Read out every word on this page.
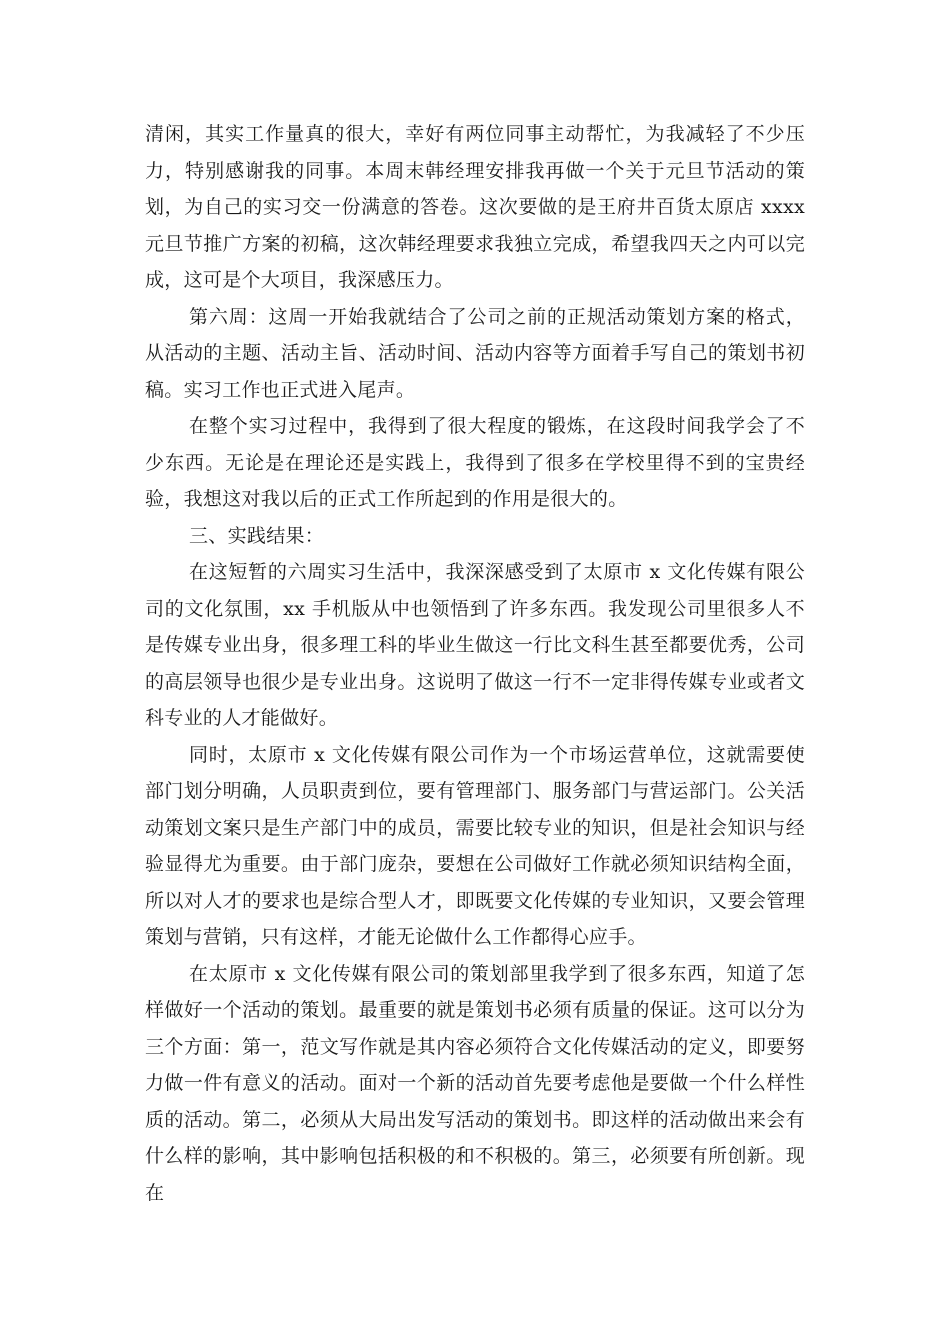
清闲，其实工作量真的很大，幸好有两位同事主动帮忙，为我减轻了不少压力，特别感谢我的同事。本周末韩经理安排我再做一个关于元旦节活动的策划，为自己的实习交一份满意的答卷。这次要做的是王府井百货太原店 xxxx 元旦节推广方案的初稿，这次韩经理要求我独立完成，希望我四天之内可以完成，这可是个大项目，我深感压力。

第六周：这周一开始我就结合了公司之前的正规活动策划方案的格式，从活动的主题、活动主旨、活动时间、活动内容等方面着手写自己的策划书初稿。实习工作也正式进入尾声。

在整个实习过程中，我得到了很大程度的锻炼，在这段时间我学会了不少东西。无论是在理论还是实践上，我得到了很多在学校里得不到的宝贵经验，我想这对我以后的正式工作所起到的作用是很大的。

三、实践结果：

在这短暂的六周实习生活中，我深深感受到了太原市 x 文化传媒有限公司的文化氛围，xx 手机版从中也领悟到了许多东西。我发现公司里很多人不是传媒专业出身，很多理工科的毕业生做这一行比文科生甚至都要优秀，公司的高层领导也很少是专业出身。这说明了做这一行不一定非得传媒专业或者文科专业的人才能做好。

同时，太原市 x 文化传媒有限公司作为一个市场运营单位，这就需要使部门划分明确，人员职责到位，要有管理部门、服务部门与营运部门。公关活动策划文案只是生产部门中的成员，需要比较专业的知识，但是社会知识与经验显得尤为重要。由于部门庞杂，要想在公司做好工作就必须知识结构全面，所以对人才的要求也是综合型人才，即既要文化传媒的专业知识，又要会管理策划与营销，只有这样，才能无论做什么工作都得心应手。

在太原市 x 文化传媒有限公司的策划部里我学到了很多东西，知道了怎样做好一个活动的策划。最重要的就是策划书必须有质量的保证。这可以分为三个方面：第一，范文写作就是其内容必须符合文化传媒活动的定义，即要努力做一件有意义的活动。面对一个新的活动首先要考虑他是要做一个什么样性质的活动。第二，必须从大局出发写活动的策划书。即这样的活动做出来会有什么样的影响，其中影响包括积极的和不积极的。第三，必须要有所创新。现在
